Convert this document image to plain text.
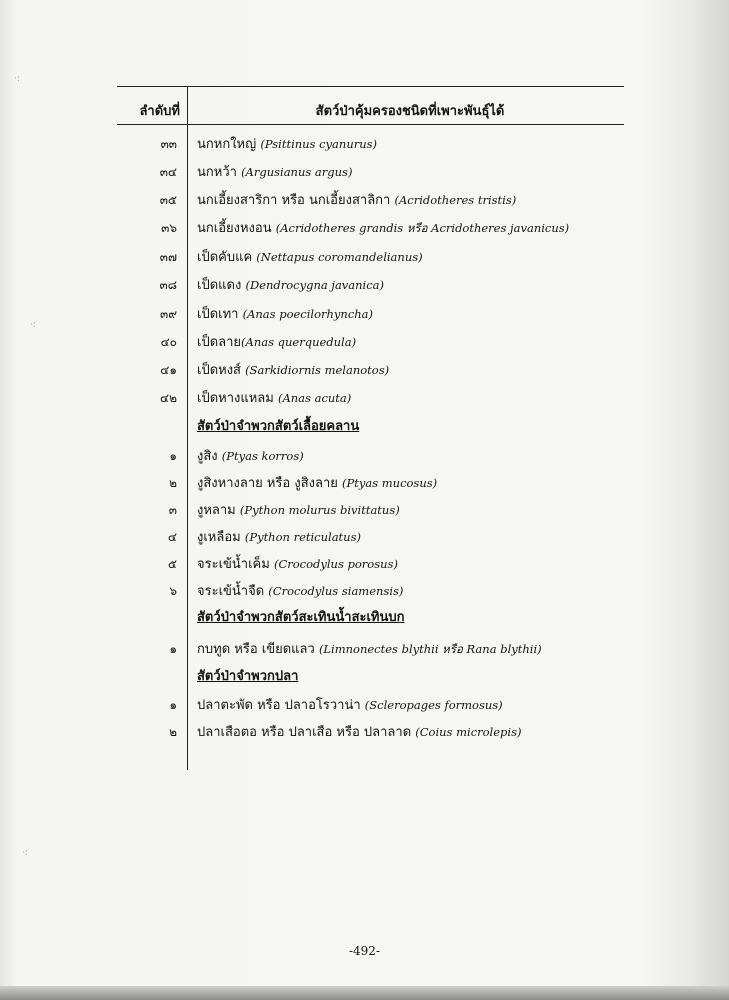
·:
·:
·:
ลำดับที่	สัตว์ป่าคุ้มครองชนิดที่เพาะพันธุ์ได้
๓๓ นกหกใหญ่ (Psittinus cyanurus)
๓๔ นกหว้า (Argusianus argus)
๓๕ นกเอี้ยงสาริกา หรือ นกเอี้ยงสาลิกา (Acridotheres tristis)
๓๖ นกเอี้ยงหงอน (Acridotheres grandis หรือ Acridotheres javanicus)
๓๗ เป็ดคับแค (Nettapus coromandelianus)
๓๘ เป็ดแดง (Dendrocygna javanica)
๓๙ เป็ดเทา (Anas poecilorhyncha)
๔๐ เป็ดลาย(Anas querquedula)
๔๑ เป็ดหงส์ (Sarkidiornis melanotos)
๔๒ เป็ดหางแหลม (Anas acuta)
สัตว์ป่าจำพวกสัตว์เลื้อยคลาน
๑ งูสิง (Ptyas korros)
๒ งูสิงหางลาย หรือ งูสิงลาย (Ptyas mucosus)
๓ งูหลาม (Python molurus bivittatus)
๔ งูเหลือม (Python reticulatus)
๕ จระเข้น้ำเค็ม (Crocodylus porosus)
๖ จระเข้น้ำจืด (Crocodylus siamensis)
สัตว์ป่าจำพวกสัตว์สะเทินน้ำสะเทินบก
๑ กบทูด หรือ เขียดแลว (Limnonectes blythii หรือ Rana blythii)
สัตว์ป่าจำพวกปลา
๑ ปลาตะพัด หรือ ปลาอโรวาน่า (Scleropages formosus)
๒ ปลาเสือตอ หรือ ปลาเสือ หรือ ปลาลาด (Coius microlepis)
-492-
